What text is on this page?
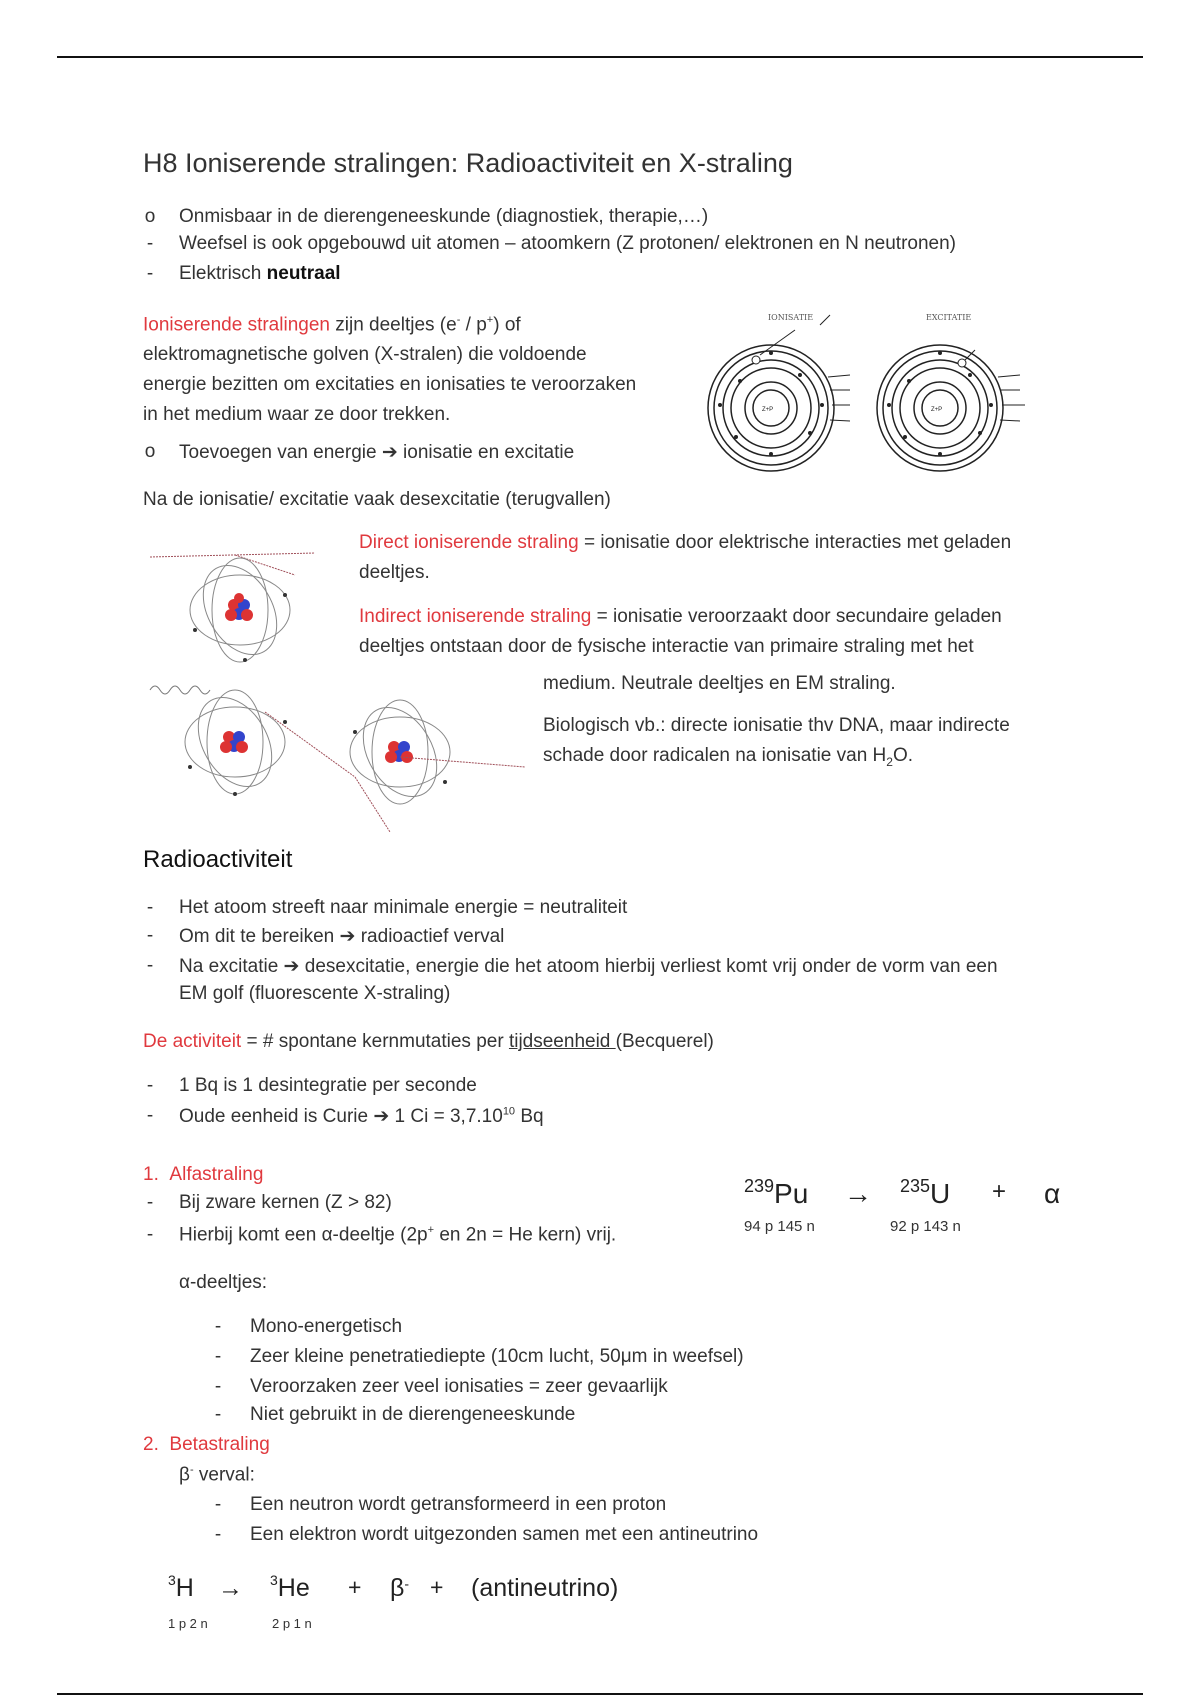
H8 Ioniserende stralingen: Radioactiviteit en X-straling
o Onmisbaar in de dierengeneeskunde (diagnostiek, therapie,…)
-	Weefsel is ook opgebouwd uit atomen – atoomkern (Z protonen/ elektronen en N neutronen)
-	Elektrisch neutraal
Ioniserende stralingen zijn deeltjes (e- / p+) of
elektromagnetische golven (X-stralen) die voldoende
energie bezitten om excitaties en ionisaties te veroorzaken
in het medium waar ze door trekken.
o Toevoegen van energie ➔ ionisatie en excitatie
IONISATIE	EXCITATIE
Z+P	Z+P
Na de ionisatie/ excitatie vaak desexcitatie (terugvallen)
Direct ioniserende straling = ionisatie door elektrische interacties met geladen
deeltjes.
Indirect ioniserende straling = ionisatie veroorzaakt door secundaire geladen
deeltjes ontstaan door de fysische interactie van primaire straling met het
medium. Neutrale deeltjes en EM straling.
Biologisch vb.: directe ionisatie thv DNA, maar indirecte
schade door radicalen na ionisatie van $H_2O$.
Radioactiviteit
-	Het atoom streeft naar minimale energie = neutraliteit
-	Om dit te bereiken ➔ radioactief verval
-	Na excitatie ➔ desexcitatie, energie die het atoom hierbij verliest komt vrij onder de vorm van een
EM golf (fluorescente X-straling)
De activiteit = # spontane kernmutaties per tijdseenheid (Becquerel)
-	1 Bq is 1 desintegratie per seconde
-	Oude eenheid is Curie ➔ 1 $Ci = 3,7.10^{10}$ Bq
1. Alfastraling
-	Bij zware kernen (Z > 82)
-	Hierbij komt een α-deeltje (2p+ en 2n = He kern) vrij.
α-deeltjes:
-	Mono-energetisch
-	Zeer kleine penetratiediepte (10cm lucht, 50μm in weefsel)
-	Veroorzaken zeer veel ionisaties = zeer gevaarlijk
-	Niet gebruikt in de dierengeneeskunde
239Pu → 235U + α
94 p 145 n	92 p 143 n
2. Betastraling
β- verval:
-	Een neutron wordt getransformeerd in een proton
-	Een elektron wordt uitgezonden samen met een antineutrino
$^3$H → $^3$He + β- + (antineutrino)
1 p 2 n	2 p 1 n
